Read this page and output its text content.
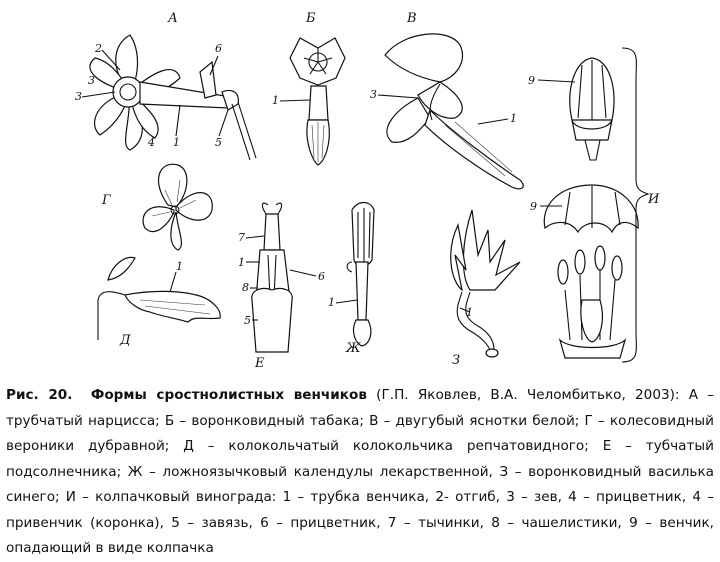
А
2
3
3
4 1
6
5
Б
1
В
3
1
9
9	И
Г
Д
1
Е
7
1
8
5
6
Ж
1
З
1
Рис. 20. Формы сростнолистных венчиков (Г.П. Яковлев, В.А. Челомбитько, 2003): А – трубчатый нарцисса; Б – воронковидный табака; В – двугубый яснотки белой; Г – колесовидный вероники дубравной; Д – колокольчатый колокольчика репчатовидного; Е – тубчатый подсолнечника; Ж – ложноязычковый календулы лекарственной, З – воронковидный василька синего; И – колпачковый винограда: 1 – трубка венчика, 2- отгиб, 3 – зев, 4 – прицветник, 4 – привенчик (коронка), 5 – завязь, 6 – прицветник, 7 – тычинки, 8 – чашелистики, 9 – венчик, опадающий в виде колпачка
